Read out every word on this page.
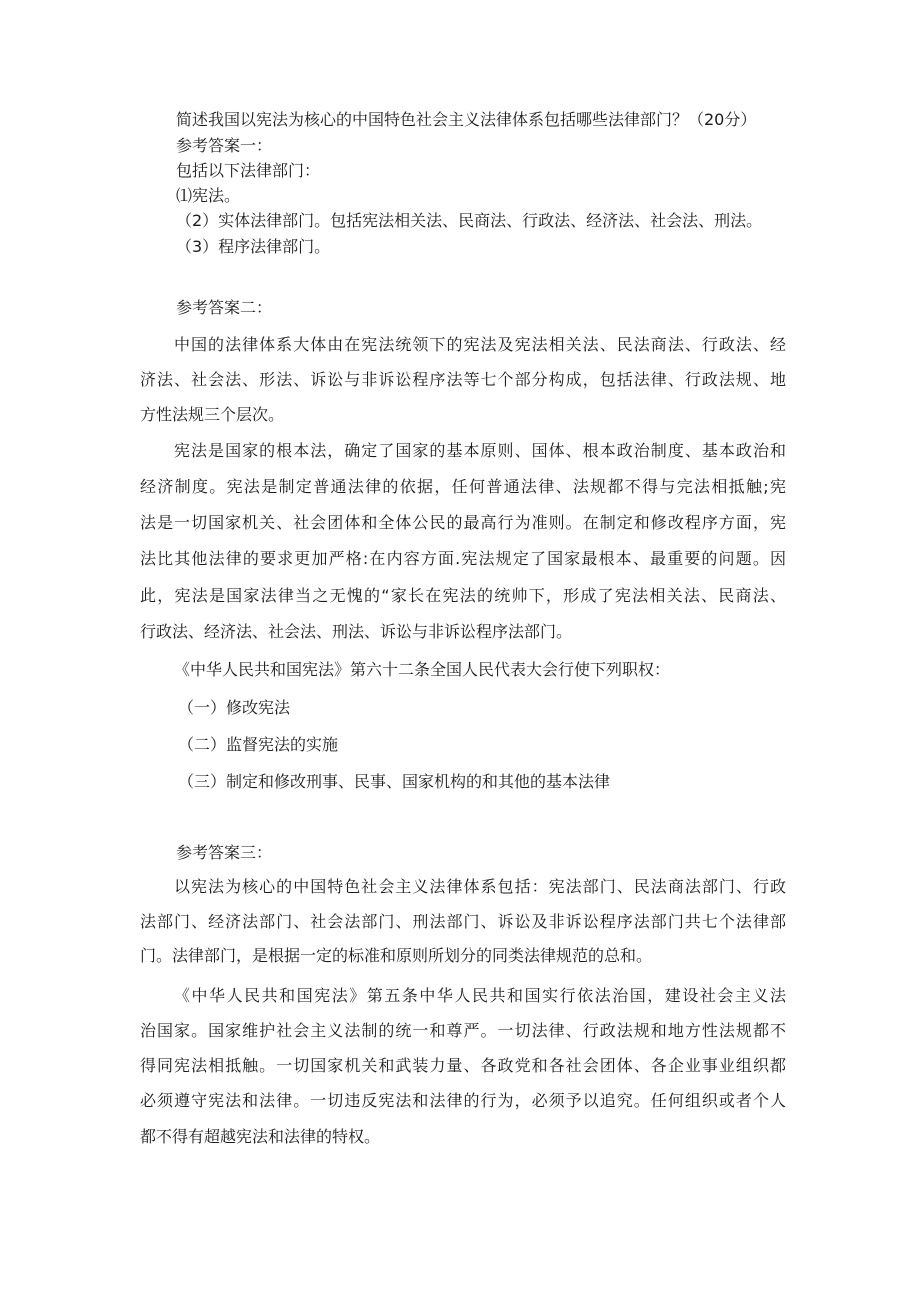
简述我国以宪法为核心的中国特色社会主义法律体系包括哪些法律部门？（20分）
参考答案一：
包括以下法律部门：
⑴宪法。
（2）实体法律部门。包括宪法相关法、民商法、行政法、经济法、社会法、刑法。
（3）程序法律部门。
参考答案二：
中国的法律体系大体由在宪法统领下的宪法及宪法相关法、民法商法、行政法、经
济法、社会法、形法、诉讼与非诉讼程序法等七个部分构成，包括法律、行政法规、地
方性法规三个层次。
宪法是国家的根本法，确定了国家的基本原则、国体、根本政治制度、基本政治和
经济制度。宪法是制定普通法律的依据，任何普通法律、法规都不得与完法相抵触;宪
法是一切国家机关、社会团体和全体公民的最高行为准则。在制定和修改程序方面，宪
法比其他法律的要求更加严格:在内容方面.宪法规定了国家最根本、最重要的问题。因
此，宪法是国家法律当之无愧的“家长在宪法的统帅下，形成了宪法相关法、民商法、
行政法、经济法、社会法、刑法、诉讼与非诉讼程序法部门。
《中华人民共和国宪法》第六十二条全国人民代表大会行使下列职权：
（一）修改宪法
（二）监督宪法的实施
（三）制定和修改刑事、民事、国家机构的和其他的基本法律
参考答案三：
以宪法为核心的中国特色社会主义法律体系包括：宪法部门、民法商法部门、行政
法部门、经济法部门、社会法部门、刑法部门、诉讼及非诉讼程序法部门共七个法律部
门。法律部门，是根据一定的标准和原则所划分的同类法律规范的总和。
《中华人民共和国宪法》第五条中华人民共和国实行依法治国，建设社会主义法
治国家。国家维护社会主义法制的统一和尊严。一切法律、行政法规和地方性法规都不
得同宪法相抵触。一切国家机关和武装力量、各政党和各社会团体、各企业事业组织都
必须遵守宪法和法律。一切违反宪法和法律的行为，必须予以追究。任何组织或者个人
都不得有超越宪法和法律的特权。
